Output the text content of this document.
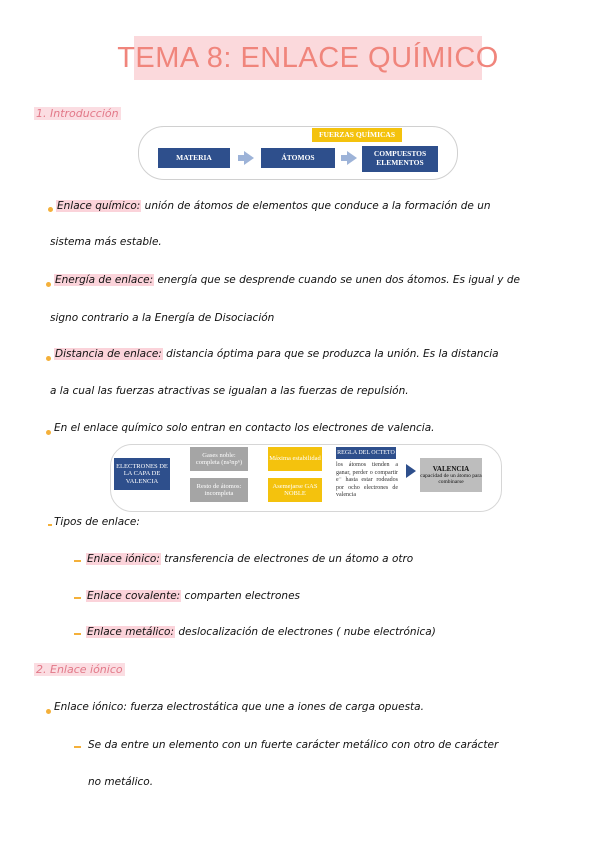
TEMA 8: ENLACE QUÍMICO
1. Introducción
FUERZAS QUÍMICAS
MATERIA	ÁTOMOS	COMPUESTOS
ELEMENTOS
Enlace químico: unión de átomos de elementos que conduce a la formación de un
sistema más estable.
Energía de enlace: energía que se desprende cuando se unen dos átomos. Es igual y de
signo contrario a la Energía de Disociación
Distancia de enlace: distancia óptima para que se produzca la unión. Es la distancia
a la cual las fuerzas atractivas se igualan a las fuerzas de repulsión.
En el enlace químico solo entran en contacto los electrones de valencia.
ELECTRONES DE LA CAPA DE VALENCIA
Gases noble: completa (ns²np⁶)
Resto de átomos: incompleta
Máxima estabilidad
Asemejarse GAS NOBLE
REGLA DEL OCTETO
los átomos tienden a ganar, perder o compartir e⁻ hasta estar rodeados por ocho electrones de valencia
VALENCIA
capacidad de un átomo para combinarse
Tipos de enlace:
Enlace iónico: transferencia de electrones de un átomo a otro
Enlace covalente: comparten electrones
Enlace metálico: deslocalización de electrones ( nube electrónica)
2. Enlace iónico
Enlace iónico: fuerza electrostática que une a iones de carga opuesta.
Se da entre un elemento con un fuerte carácter metálico con otro de carácter
no metálico.
